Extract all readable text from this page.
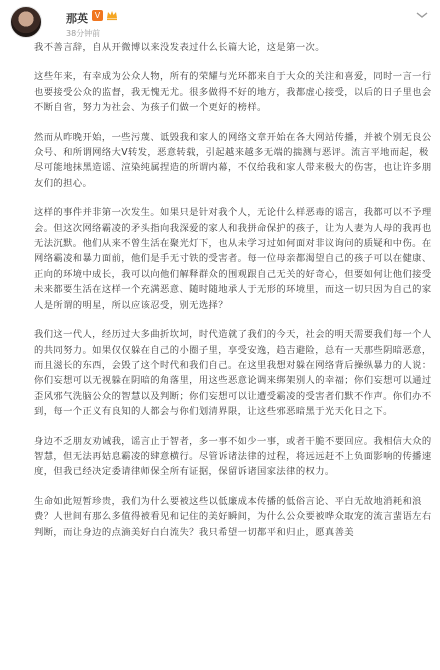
那英 V
38分钟前

我不善言辞，自从开微博以来没发表过什么长篇大论，这是第一次。

这些年来，有幸成为公众人物，所有的荣耀与光环都来自于大众的关注和喜爱，同时一言一行也要接受公众的监督，我无愧无尤。很多做得不好的地方，我都虚心接受，以后的日子里也会不断自省，努力为社会、为孩子们做一个更好的榜样。

然而从昨晚开始，一些污蔑、诋毁我和家人的网络文章开始在各大网站传播，并被个别无良公众号、和所谓网络大V转发，恶意转载，引起越来越多无端的揣测与恶评。流言平地而起，极尽可能地抹黑造谣、渲染纯属捏造的所谓内幕，不仅给我和家人带来极大的伤害，也让许多朋友们的担心。

这样的事件并非第一次发生。如果只是针对我个人，无论什么样恶毒的谣言，我都可以不予理会。但这次网络霸凌的矛头指向我深爱的家人和我拼命保护的孩子，让为人妻为人母的我再也无法沉默。他们从来不曾生活在聚光灯下，也从未学习过如何面对非议询问的质疑和中伤。在网络霸凌和暴力面前，他们是手无寸铁的受害者。每一位母亲都渴望自己的孩子可以在健康、正向的环境中成长，我可以向他们解释群众的围观跟自己无关的好奇心，但要如何让他们接受未来都要生活在这样一个充满恶意、随时随地承人于无形的环境里，而这一切只因为自己的家人是所谓的明星，所以应该忍受，别无选择？

我们这一代人，经历过大多曲折坎坷，时代造就了我们的今天，社会的明天需要我们每一个人的共同努力。如果仅仅躲在自己的小圈子里，享受安逸，趋吉避险，总有一天那些阴暗恶意，而且滋长的东西，会毁了这个时代和我们自己。在这里我想对躲在网络背后操纵暴力的人说：你们妄想可以无视躲在阴暗的角落里，用这些恶意论调来绑架别人的幸福；你们妄想可以通过歪风邪气洗脑公众的智慧以及判断；你们妄想可以让遭受霸凌的受害者们默不作声。你们办不到，每一个正义有良知的人都会与你们划清界限，让这些邪恶暗黑于光天化日之下。

身边不乏朋友劝诫我，谣言止于智者，多一事不如少一事，或者干脆不要回应。我相信大众的智慧，但无法再姑息霸凌的肆意横行。尽管诉诸法律的过程，将远远赶不上负面影响的传播速度，但我已经决定委请律师保全所有证据，保留诉诸国家法律的权力。

生命如此短暂珍贵，我们为什么要被这些以低廉成本传播的低俗言论、平白无故地消耗和浪费？人世间有那么多值得被看见和记住的美好瞬间，为什么公众要被哗众取宠的流言蜚语左右判断，而让身边的点滴美好白白流失？我只希望一切都平和归止，愿真善美
